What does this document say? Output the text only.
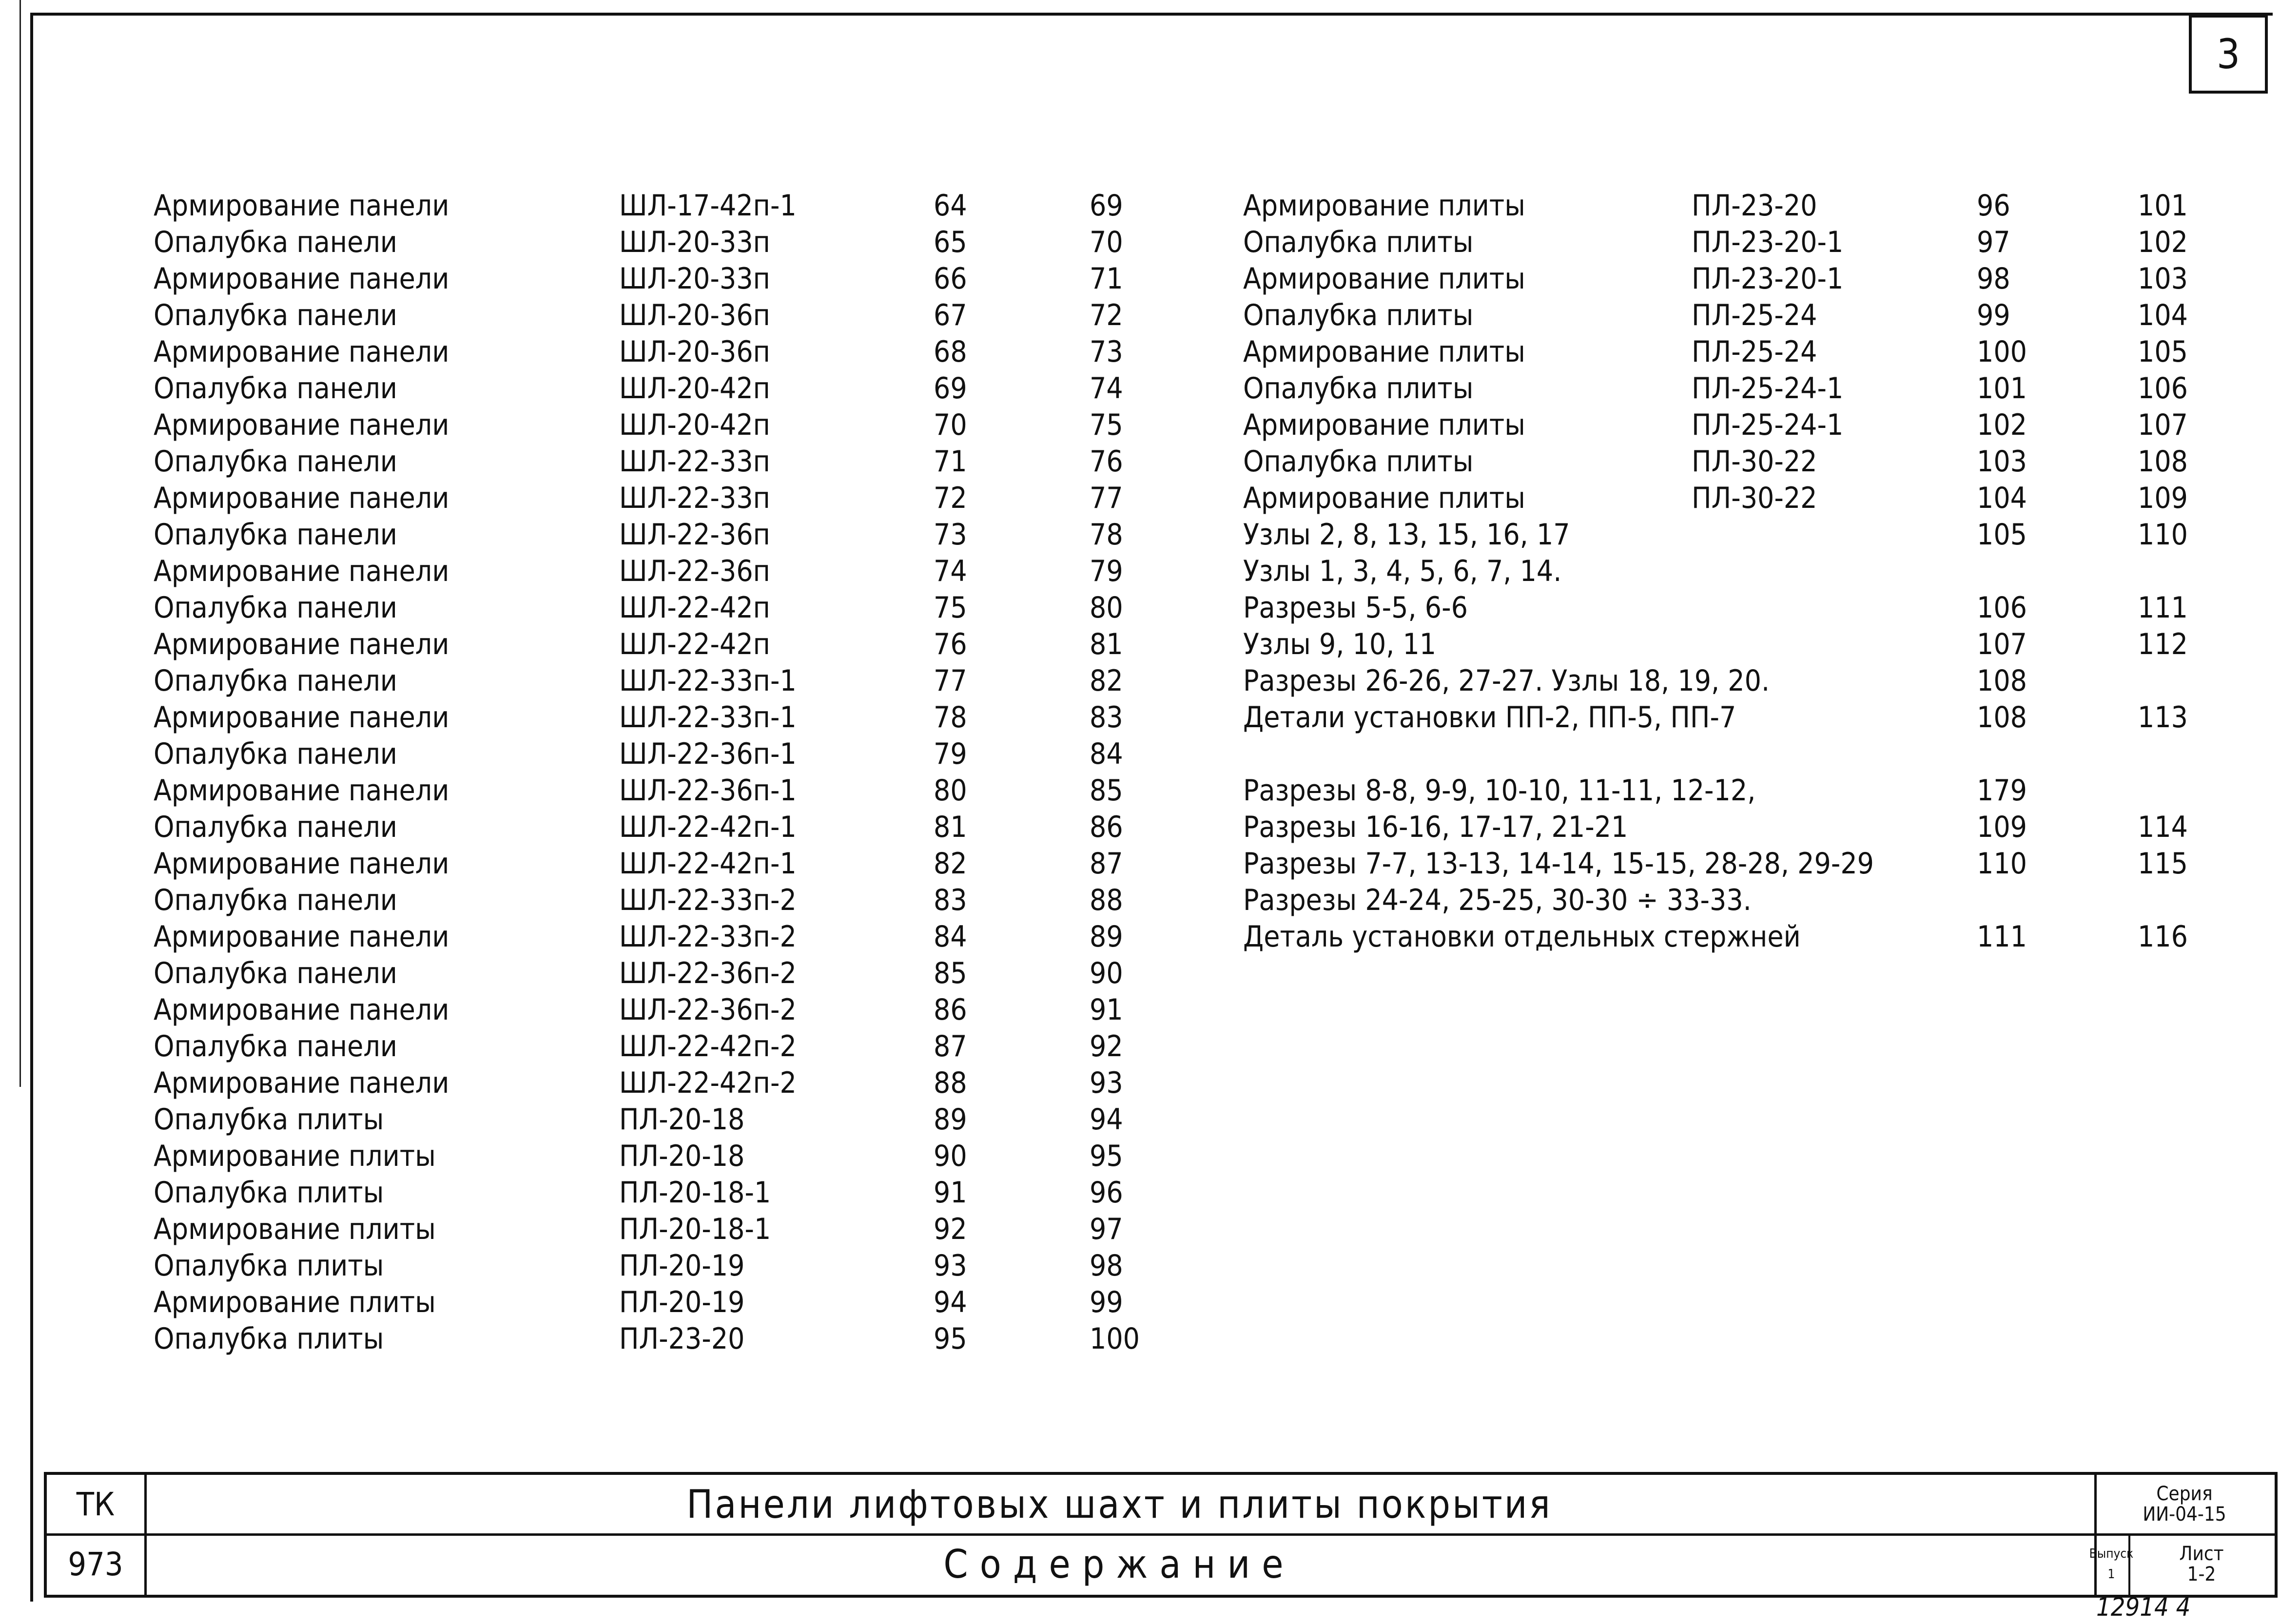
3
Армирование панели	ШЛ-17-42п-1	64	69
Опалубка панели	ШЛ-20-33п	65	70
Армирование панели	ШЛ-20-33п	66	71
Опалубка панели	ШЛ-20-36п	67	72
Армирование панели	ШЛ-20-36п	68	73
Опалубка панели	ШЛ-20-42п	69	74
Армирование панели	ШЛ-20-42п	70	75
Опалубка панели	ШЛ-22-33п	71	76
Армирование панели	ШЛ-22-33п	72	77
Опалубка панели	ШЛ-22-36п	73	78
Армирование панели	ШЛ-22-36п	74	79
Опалубка панели	ШЛ-22-42п	75	80
Армирование панели	ШЛ-22-42п	76	81
Опалубка панели	ШЛ-22-33п-1	77	82
Армирование панели	ШЛ-22-33п-1	78	83
Опалубка панели	ШЛ-22-36п-1	79	84
Армирование панели	ШЛ-22-36п-1	80	85
Опалубка панели	ШЛ-22-42п-1	81	86
Армирование панели	ШЛ-22-42п-1	82	87
Опалубка панели	ШЛ-22-33п-2	83	88
Армирование панели	ШЛ-22-33п-2	84	89
Опалубка панели	ШЛ-22-36п-2	85	90
Армирование панели	ШЛ-22-36п-2	86	91
Опалубка панели	ШЛ-22-42п-2	87	92
Армирование панели	ШЛ-22-42п-2	88	93
Опалубка плиты	ПЛ-20-18	89	94
Армирование плиты	ПЛ-20-18	90	95
Опалубка плиты	ПЛ-20-18-1	91	96
Армирование плиты	ПЛ-20-18-1	92	97
Опалубка плиты	ПЛ-20-19	93	98
Армирование плиты	ПЛ-20-19	94	99
Опалубка плиты	ПЛ-23-20	95	100
Армирование плиты	ПЛ-23-20	96	101
Опалубка плиты	ПЛ-23-20-1	97	102
Армирование плиты	ПЛ-23-20-1	98	103
Опалубка плиты	ПЛ-25-24	99	104
Армирование плиты	ПЛ-25-24	100	105
Опалубка плиты	ПЛ-25-24-1	101	106
Армирование плиты	ПЛ-25-24-1	102	107
Опалубка плиты	ПЛ-30-22	103	108
Армирование плиты	ПЛ-30-22	104	109
Узлы 2, 8, 13, 15, 16, 17	105	110
Узлы 1, 3, 4, 5, 6, 7, 14.
Разрезы 5-5, 6-6	106	111
Узлы 9, 10, 11	107	112
Разрезы 26-26, 27-27. Узлы 18, 19, 20.	108
Детали установки ПП-2, ПП-5, ПП-7	108	113
Разрезы 8-8, 9-9, 10-10, 11-11, 12-12,	179
Разрезы 16-16, 17-17, 21-21	109	114
Разрезы 7-7, 13-13, 14-14, 15-15, 28-28, 29-29	110	115
Разрезы 24-24, 25-25, 30-30 ÷ 33-33.
Деталь установки отдельных стержней	111	116
ТК
973
Панели лифтовых шахт и плиты покрытия
Содержание
Серия
ИИ-04-15
Выпуск
1
Лист
1-2
12914 4
